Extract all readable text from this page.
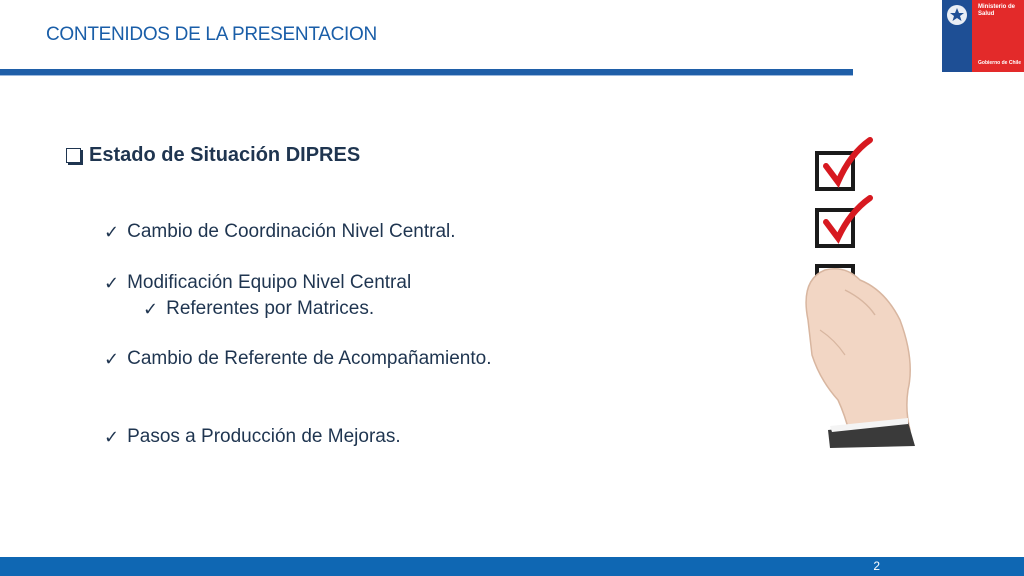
CONTENIDOS DE LA PRESENTACION
Ministerio de Salud
Gobierno de Chile
Estado de Situación DIPRES
✓ Cambio de Coordinación Nivel Central.
✓ Modificación Equipo Nivel Central
✓ Referentes por Matrices.
✓ Cambio de Referente de Acompañamiento.
✓ Pasos a Producción de Mejoras.
2
